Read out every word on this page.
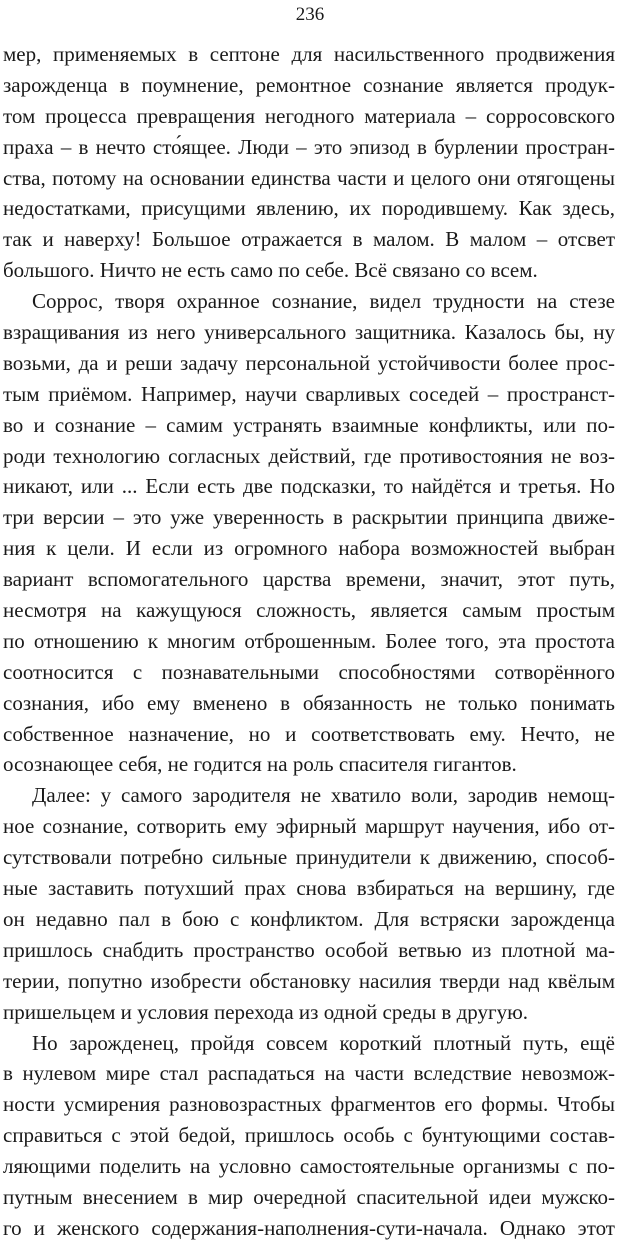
236
мер, применяемых в септоне для насильственного продвижения
зарожденца в поумнение, ремонтное сознание является продук-
том процесса превращения негодного материала – сорросовского
праха – в нечто сто́ящее. Люди – это эпизод в бурлении простран-
ства, потому на основании единства части и целого они отягощены
недостатками, присущими явлению, их породившему. Как здесь,
так и наверху! Большое отражается в малом. В малом – отсвет
большого. Ничто не есть само по себе. Всё связано со всем.
Соррос, творя охранное сознание, видел трудности на стезе
взращивания из него универсального защитника. Казалось бы, ну
возьми, да и реши задачу персональной устойчивости более прос-
тым приёмом. Например, научи сварливых соседей – пространст-
во и сознание – самим устранять взаимные конфликты, или по-
роди технологию согласных действий, где противостояния не воз-
никают, или ... Если есть две подсказки, то найдётся и третья. Но
три версии – это уже уверенность в раскрытии принципа движе-
ния к цели. И если из огромного набора возможностей выбран
вариант вспомогательного царства времени, значит, этот путь,
несмотря на кажущуюся сложность, является самым простым
по отношению к многим отброшенным. Более того, эта простота
соотносится с познавательными способностями сотворённого
сознания, ибо ему вменено в обязанность не только понимать
собственное назначение, но и соответствовать ему. Нечто, не
осознающее себя, не годится на роль спасителя гигантов.
Далее: у самого зародителя не хватило воли, зародив немощ-
ное сознание, сотворить ему эфирный маршрут научения, ибо от-
сутствовали потребно сильные принудители к движению, способ-
ные заставить потухший прах снова взбираться на вершину, где
он недавно пал в бою с конфликтом. Для встряски зарожденца
пришлось снабдить пространство особой ветвью из плотной ма-
терии, попутно изобрести обстановку насилия тверди над квёлым
пришельцем и условия перехода из одной среды в другую.
Но зарожденец, пройдя совсем короткий плотный путь, ещё
в нулевом мире стал распадаться на части вследствие невозмож-
ности усмирения разновозрастных фрагментов его формы. Чтобы
справиться с этой бедой, пришлось особь с бунтующими состав-
ляющими поделить на условно самостоятельные организмы с по-
путным внесением в мир очередной спасительной идеи мужско-
го и женского содержания-наполнения-сути-начала. Однако этот
